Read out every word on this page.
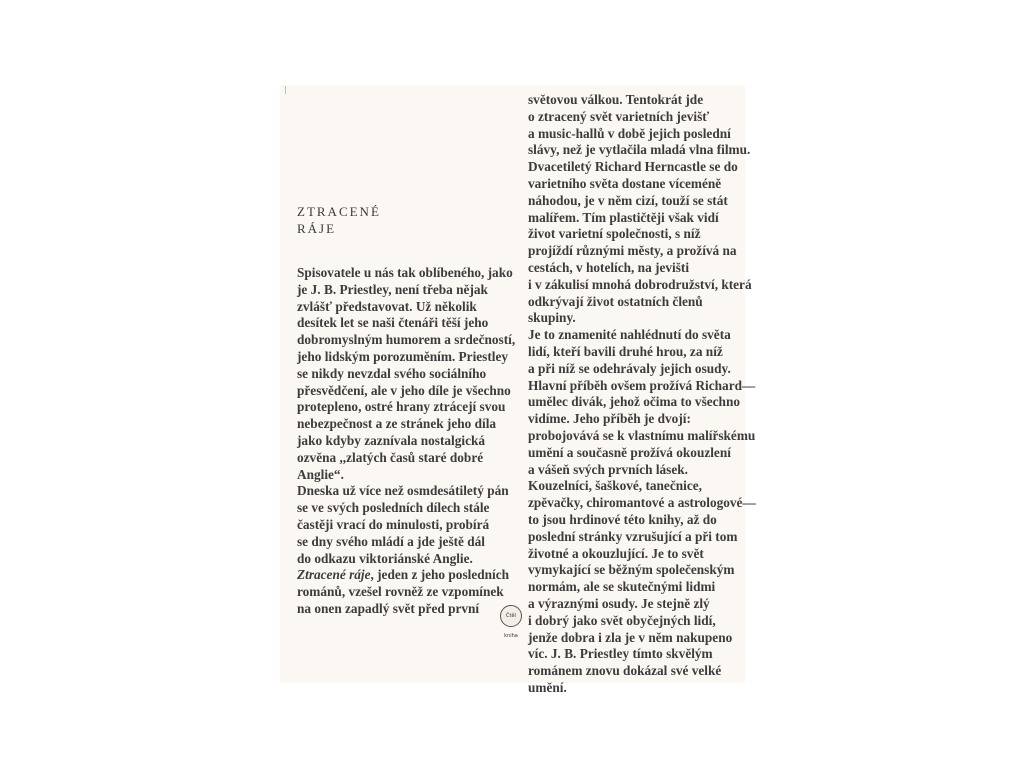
ZTRACENÉ
RÁJE
Spisovatele u nás tak oblíbeného, jako
je J. B. Priestley, není třeba nějak
zvlášť představovat. Už několik
desítek let se naši čtenáři těší jeho
dobromyslným humorem a srdečností,
jeho lidským porozuměním. Priestley
se nikdy nevzdal svého sociálního
přesvědčení, ale v jeho díle je všechno
protepleno, ostré hrany ztrácejí svou
nebezpečnost a ze stránek jeho díla
jako kdyby zaznívala nostalgická
ozvěna ,,zlatých časů staré dobré
Anglie“.
Dneska už více než osmdesátiletý pán
se ve svých posledních dílech stále
častěji vrací do minulosti, probírá
se dny svého mládí a jde ještě dál
do odkazu viktoriánské Anglie.
Ztracené ráje, jeden z jeho posledních
románů, vzešel rovněž ze vzpomínek
na onen zapadlý svět před první
světovou válkou. Tentokrát jde
o ztracený svět varietních jevišť
a music-hallů v době jejich poslední
slávy, než je vytlačila mladá vlna filmu.
Dvacetiletý Richard Herncastle se do
varietního světa dostane víceméně
náhodou, je v něm cizí, touží se stát
malířem. Tím plastičtěji však vidí
život varietní společnosti, s níž
projíždí různými městy, a prožívá na
cestách, v hotelích, na jevišti
i v zákulisí mnohá dobrodružství, která
odkrývají život ostatních členů
skupiny.
Je to znamenité nahlédnutí do světa
lidí, kteří bavili druhé hrou, za níž
a při níž se odehrávaly jejich osudy.
Hlavní příběh ovšem prožívá Richard—
umělec divák, jehož očima to všechno
vidíme. Jeho příběh je dvojí:
probojovává se k vlastnímu malířskému
umění a současně prožívá okouzlení
a vášeň svých prvních lásek.
Kouzelníci, šaškové, tanečnice,
zpěvačky, chiromantové a astrologové—
to jsou hrdinové této knihy, až do
poslední stránky vzrušující a při tom
životné a okouzlující. Je to svět
vymykající se běžným společenským
normám, ale se skutečnými lidmi
a výraznými osudy. Je stejně zlý
i dobrý jako svět obyčejných lidí,
jenže dobra i zla je v něm nakupeno
víc. J. B. Priestley tímto skvělým
románem znovu dokázal své velké
umění.
Čtěl kniha
